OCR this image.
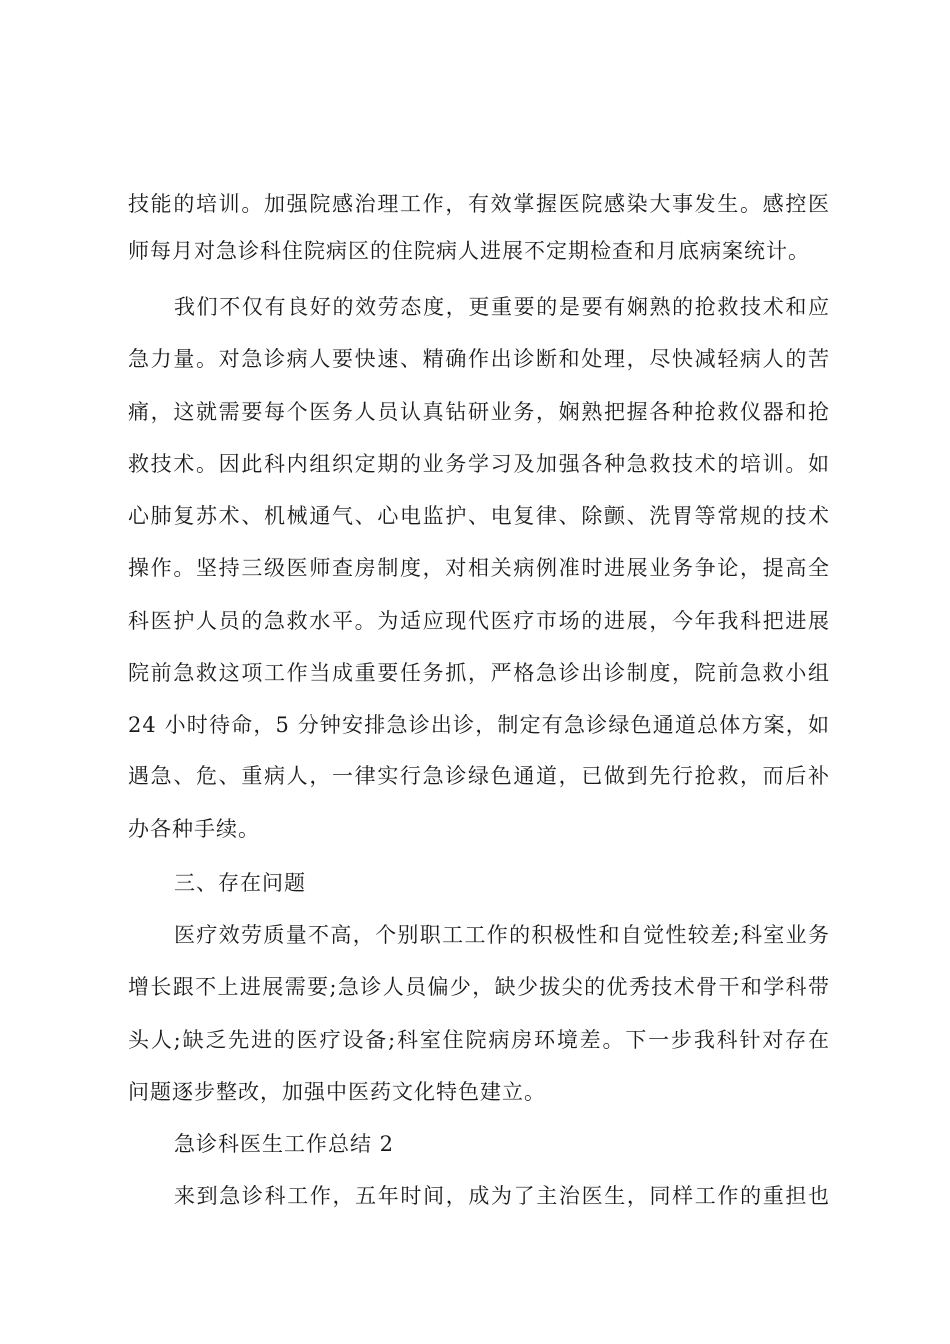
技能的培训。加强院感治理工作，有效掌握医院感染大事发生。感控医
师每月对急诊科住院病区的住院病人进展不定期检查和月底病案统计。
我们不仅有良好的效劳态度，更重要的是要有娴熟的抢救技术和应
急力量。对急诊病人要快速、精确作出诊断和处理，尽快减轻病人的苦
痛，这就需要每个医务人员认真钻研业务，娴熟把握各种抢救仪器和抢
救技术。因此科内组织定期的业务学习及加强各种急救技术的培训。如
心肺复苏术、机械通气、心电监护、电复律、除颤、洗胃等常规的技术
操作。坚持三级医师查房制度，对相关病例准时进展业务争论，提高全
科医护人员的急救水平。为适应现代医疗市场的进展，今年我科把进展
院前急救这项工作当成重要任务抓，严格急诊出诊制度，院前急救小组
24 小时待命，5 分钟安排急诊出诊，制定有急诊绿色通道总体方案，如
遇急、危、重病人，一律实行急诊绿色通道，已做到先行抢救，而后补
办各种手续。
三、存在问题
医疗效劳质量不高，个别职工工作的积极性和自觉性较差;科室业务
增长跟不上进展需要;急诊人员偏少，缺少拔尖的优秀技术骨干和学科带
头人;缺乏先进的医疗设备;科室住院病房环境差。下一步我科针对存在
问题逐步整改，加强中医药文化特色建立。
急诊科医生工作总结 2
来到急诊科工作，五年时间，成为了主治医生，同样工作的重担也
